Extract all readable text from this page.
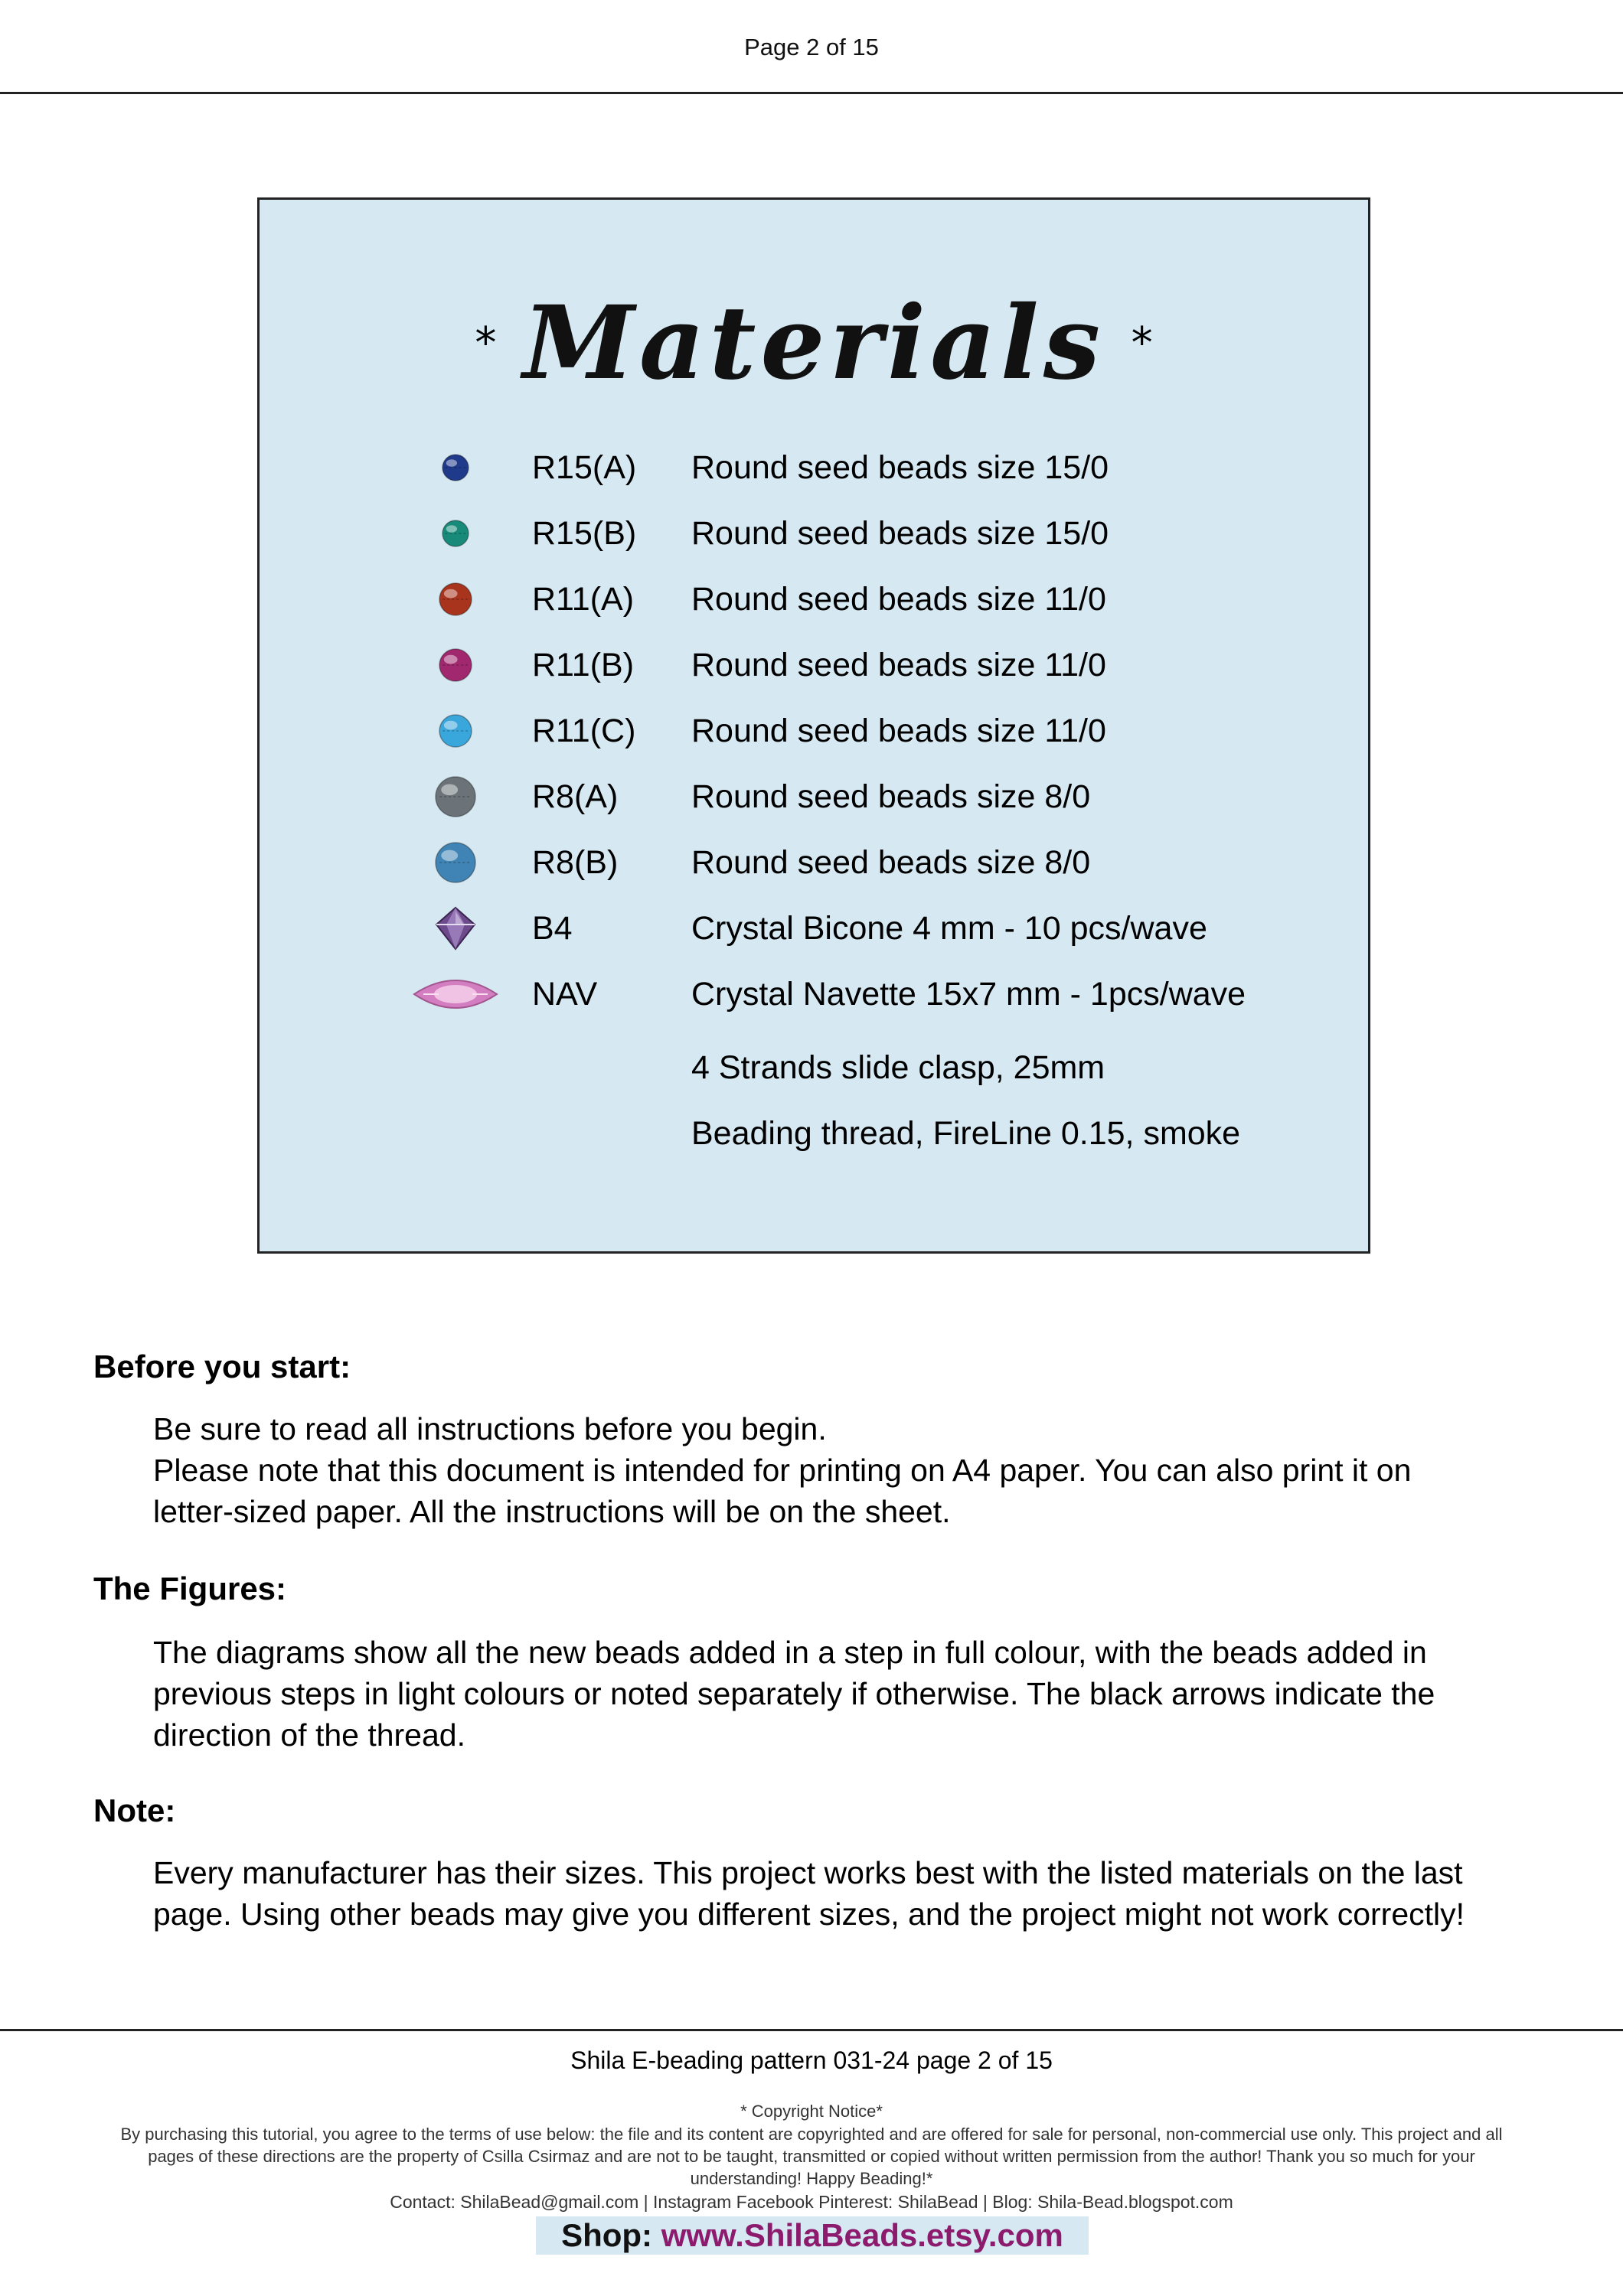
Page 2 of 15
* Materials *
R15(A) Round seed beads size 15/0
R15(B) Round seed beads size 15/0
R11(A) Round seed beads size 11/0
R11(B) Round seed beads size 11/0
R11(C) Round seed beads size 11/0
R8(A) Round seed beads size 8/0
R8(B) Round seed beads size 8/0
B4	Crystal Bicone 4 mm - 10 pcs/wave
NAV	Crystal Navette 15x7 mm - 1pcs/wave
4 Strands slide clasp, 25mm
Beading thread, FireLine 0.15, smoke
Before you start:

Be sure to read all instructions before you begin.

Please note that this document is intended for printing on A4 paper. You can also print it on letter-sized paper. All the instructions will be on the sheet.

The Figures:

The diagrams show all the new beads added in a step in full colour, with the beads added in previous steps in light colours or noted separately if otherwise. The black arrows indicate the direction of the thread.

Note:

Every manufacturer has their sizes. This project works best with the listed materials on the last page. Using other beads may give you different sizes, and the project might not work correctly!

Shila E-beading pattern 031-24 page 2 of 15
* Copyright Notice*
By purchasing this tutorial, you agree to the terms of use below: the file and its content are copyrighted and are offered for sale for personal, non-commercial use only. This project and all pages of these directions are the property of Csilla Csirmaz and are not to be taught, transmitted or copied without written permission from the author! Thank you so much for your understanding! Happy Beading!*
Contact: ShilaBead@gmail.com | Instagram Facebook Pinterest: ShilaBead | Blog: Shila-Bead.blogspot.com
Shop: www.ShilaBeads.etsy.com
